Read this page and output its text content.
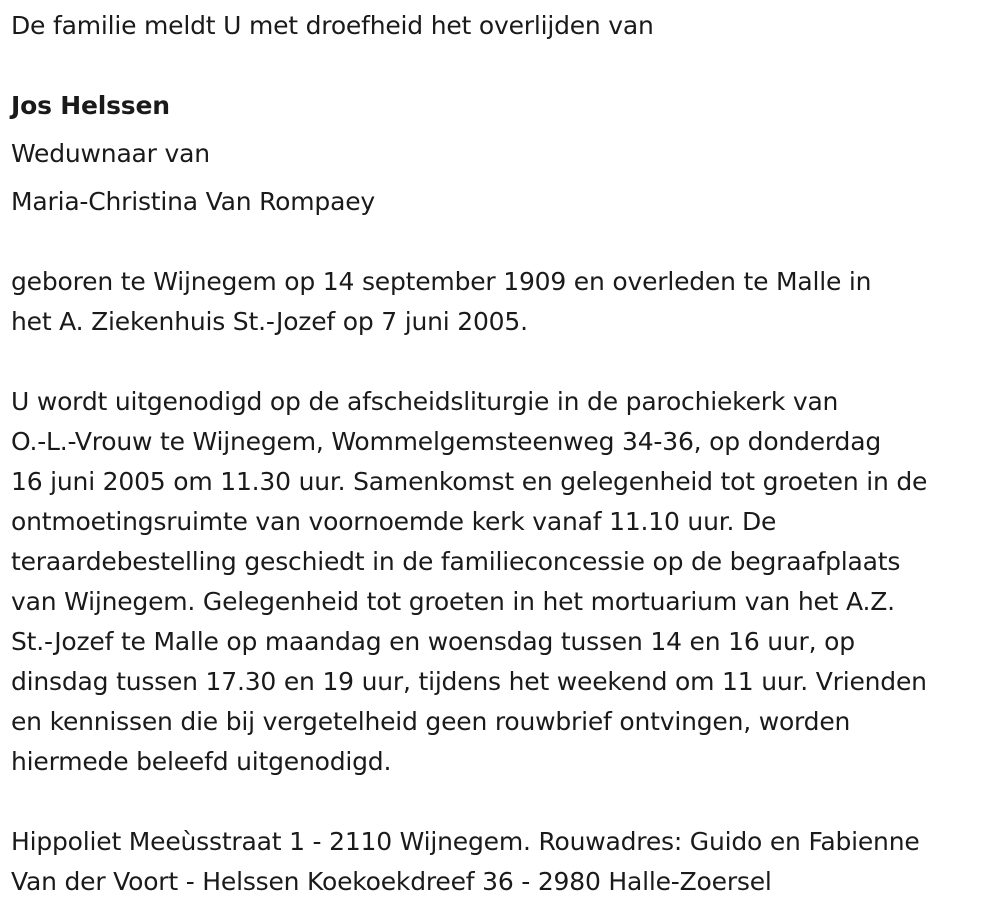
De familie meldt U met droefheid het overlijden van
Jos Helssen
Weduwnaar van
Maria-Christina Van Rompaey
geboren te Wijnegem op 14 september 1909 en overleden te Malle in
het A. Ziekenhuis St.-Jozef op 7 juni 2005.
U wordt uitgenodigd op de afscheidsliturgie in de parochiekerk van
O.-L.-Vrouw te Wijnegem, Wommelgemsteenweg 34-36, op donderdag
16 juni 2005 om 11.30 uur. Samenkomst en gelegenheid tot groeten in de
ontmoetingsruimte van voornoemde kerk vanaf 11.10 uur. De
teraardebestelling geschiedt in de familieconcessie op de begraafplaats
van Wijnegem. Gelegenheid tot groeten in het mortuarium van het A.Z.
St.-Jozef te Malle op maandag en woensdag tussen 14 en 16 uur, op
dinsdag tussen 17.30 en 19 uur, tijdens het weekend om 11 uur. Vrienden
en kennissen die bij vergetelheid geen rouwbrief ontvingen, worden
hiermede beleefd uitgenodigd.
Hippoliet Meeùsstraat 1 - 2110 Wijnegem. Rouwadres: Guido en Fabienne
Van der Voort - Helssen Koekoekdreef 36 - 2980 Halle-Zoersel
